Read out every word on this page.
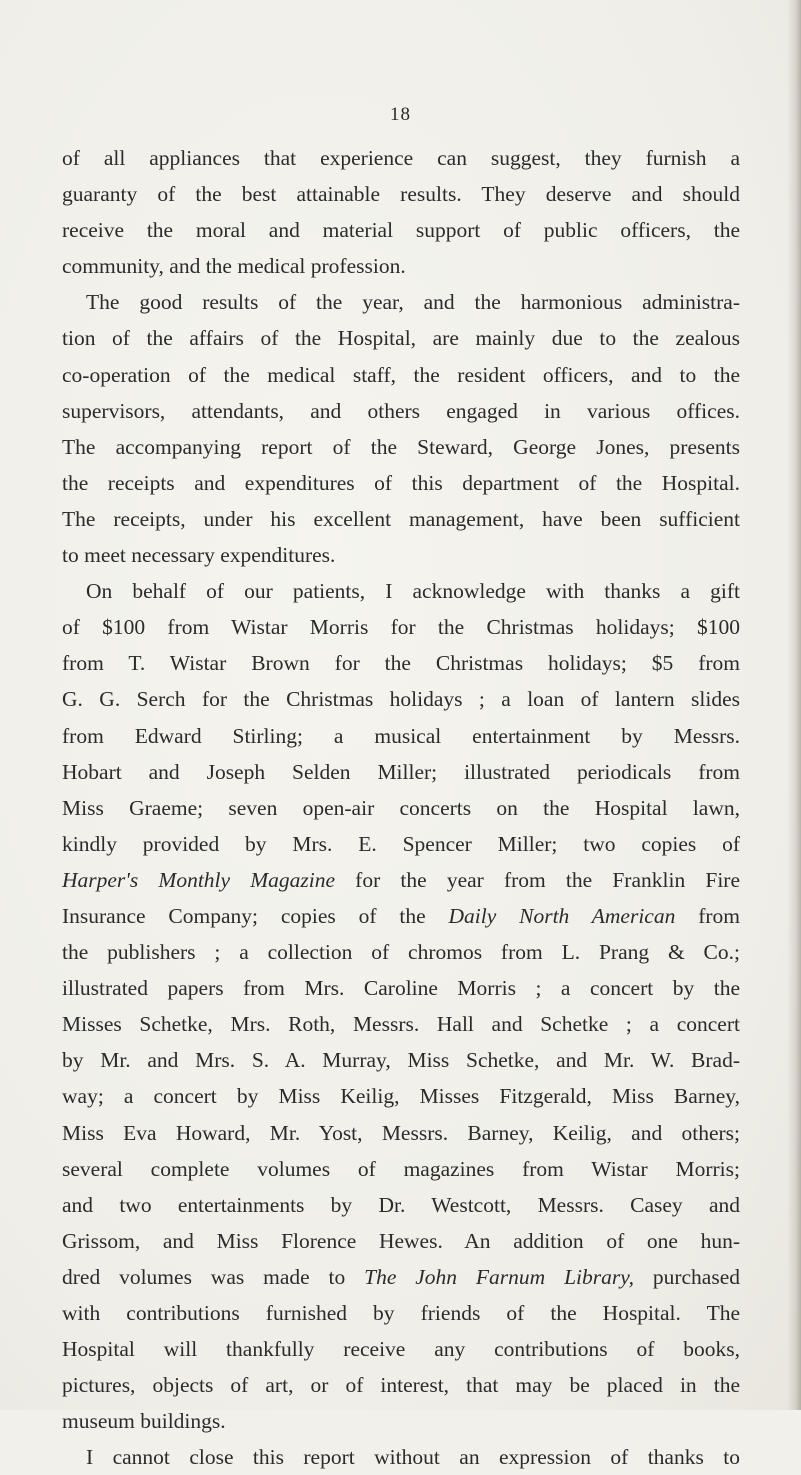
18
of all appliances that experience can suggest, they furnish a
guaranty of the best attainable results. They deserve and should
receive the moral and material support of public officers, the
community, and the medical profession.
The good results of the year, and the harmonious administra-
tion of the affairs of the Hospital, are mainly due to the zealous
co-operation of the medical staff, the resident officers, and to the
supervisors, attendants, and others engaged in various offices.
The accompanying report of the Steward, George Jones, presents
the receipts and expenditures of this department of the Hospital.
The receipts, under his excellent management, have been sufficient
to meet necessary expenditures.
On behalf of our patients, I acknowledge with thanks a gift
of $100 from Wistar Morris for the Christmas holidays; $100
from T. Wistar Brown for the Christmas holidays; $5 from
G. G. Serch for the Christmas holidays ; a loan of lantern slides
from Edward Stirling; a musical entertainment by Messrs.
Hobart and Joseph Selden Miller; illustrated periodicals from
Miss Graeme; seven open-air concerts on the Hospital lawn,
kindly provided by Mrs. E. Spencer Miller; two copies of
Harper's Monthly Magazine for the year from the Franklin Fire
Insurance Company; copies of the Daily North American from
the publishers ; a collection of chromos from L. Prang & Co.;
illustrated papers from Mrs. Caroline Morris ; a concert by the
Misses Schetke, Mrs. Roth, Messrs. Hall and Schetke ; a concert
by Mr. and Mrs. S. A. Murray, Miss Schetke, and Mr. W. Brad-
way; a concert by Miss Keilig, Misses Fitzgerald, Miss Barney,
Miss Eva Howard, Mr. Yost, Messrs. Barney, Keilig, and others;
several complete volumes of magazines from Wistar Morris;
and two entertainments by Dr. Westcott, Messrs. Casey and
Grissom, and Miss Florence Hewes. An addition of one hun-
dred volumes was made to The John Farnum Library, purchased
with contributions furnished by friends of the Hospital. The
Hospital will thankfully receive any contributions of books,
pictures, objects of art, or of interest, that may be placed in the
museum buildings.
I cannot close this report without an expression of thanks to
